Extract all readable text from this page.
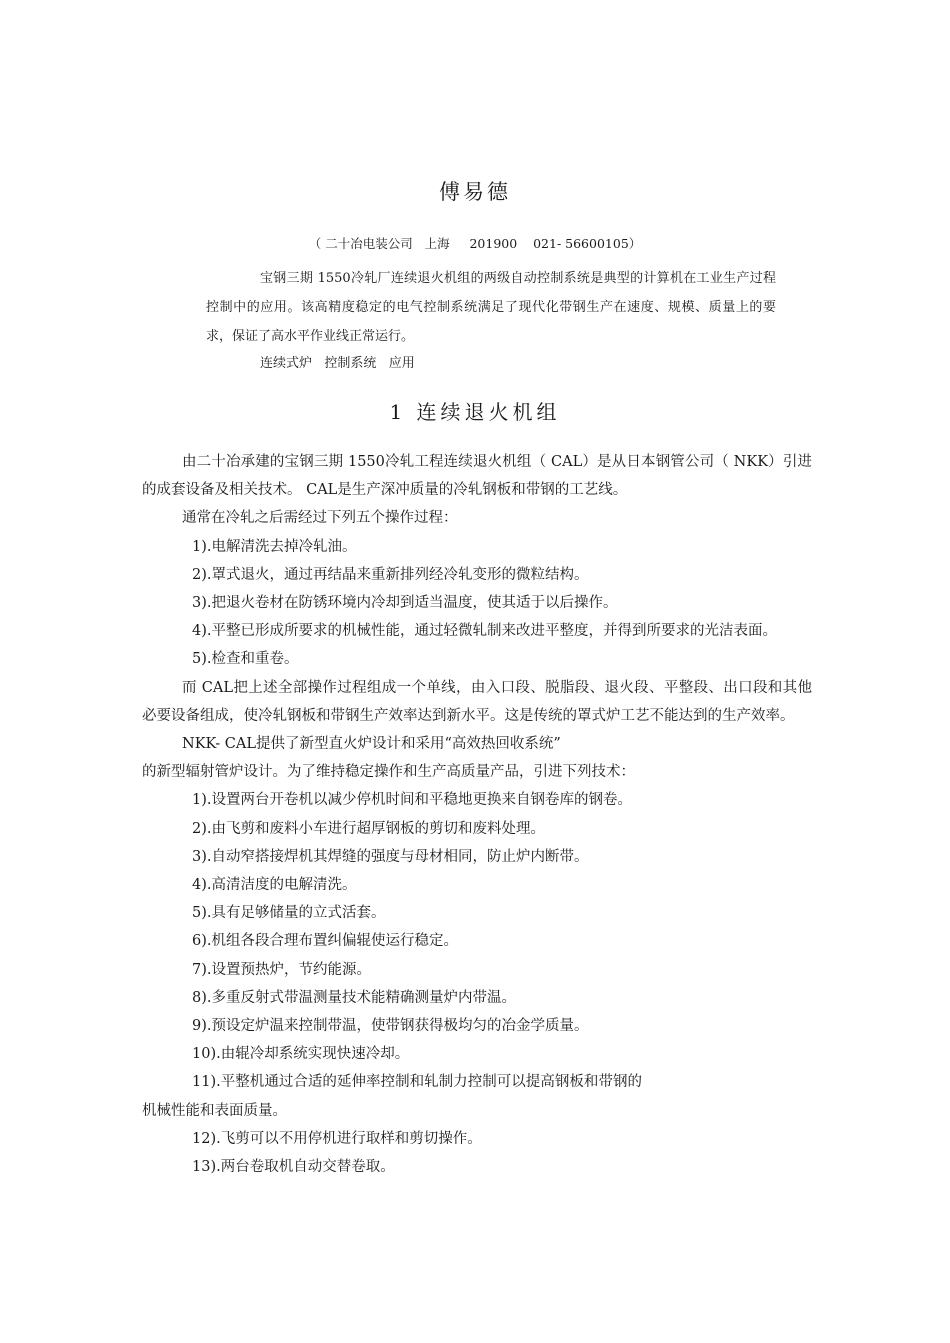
傅易德
（ 二十冶电装公司   上海     201900    021- 56600105）
宝钢三期 1550冷轧厂连续退火机组的两级自动控制系统是典型的计算机在工业生产过程控制中的应用。该高精度稳定的电气控制系统满足了现代化带钢生产在速度、规模、质量上的要求，保证了高水平作业线正常运行。
连续式炉   控制系统   应用
1 连续退火机组

由二十冶承建的宝钢三期 1550冷轧工程连续退火机组（ CAL）是从日本钢管公司（ NKK）引进的成套设备及相关技术。 CAL是生产深冲质量的冷轧钢板和带钢的工艺线。

通常在冷轧之后需经过下列五个操作过程：

1).电解清洗去掉冷轧油。

2).罩式退火，通过再结晶来重新排列经冷轧变形的微粒结构。

3).把退火卷材在防锈环境内冷却到适当温度，使其适于以后操作。

4).平整已形成所要求的机械性能，通过轻微轧制来改进平整度，并得到所要求的光洁表面。

5).检查和重卷。

而 CAL把上述全部操作过程组成一个单线，由入口段、脱脂段、退火段、平整段、出口段和其他必要设备组成，使冷轧钢板和带钢生产效率达到新水平。这是传统的罩式炉工艺不能达到的生产效率。

NKK- CAL提供了新型直火炉设计和采用“高效热回收系统”

的新型辐射管炉设计。为了维持稳定操作和生产高质量产品，引进下列技术：

1).设置两台开卷机以减少停机时间和平稳地更换来自钢卷库的钢卷。

2).由飞剪和废料小车进行超厚钢板的剪切和废料处理。

3).自动窄搭接焊机其焊缝的强度与母材相同，防止炉内断带。

4).高清洁度的电解清洗。

5).具有足够储量的立式活套。

6).机组各段合理布置纠偏辊使运行稳定。

7).设置预热炉，节约能源。

8).多重反射式带温测量技术能精确测量炉内带温。

9).预设定炉温来控制带温，使带钢获得极均匀的冶金学质量。

10).由辊冷却系统实现快速冷却。

11).平整机通过合适的延伸率控制和轧制力控制可以提高钢板和带钢的机械性能和表面质量。

12).飞剪可以不用停机进行取样和剪切操作。

13).两台卷取机自动交替卷取。
